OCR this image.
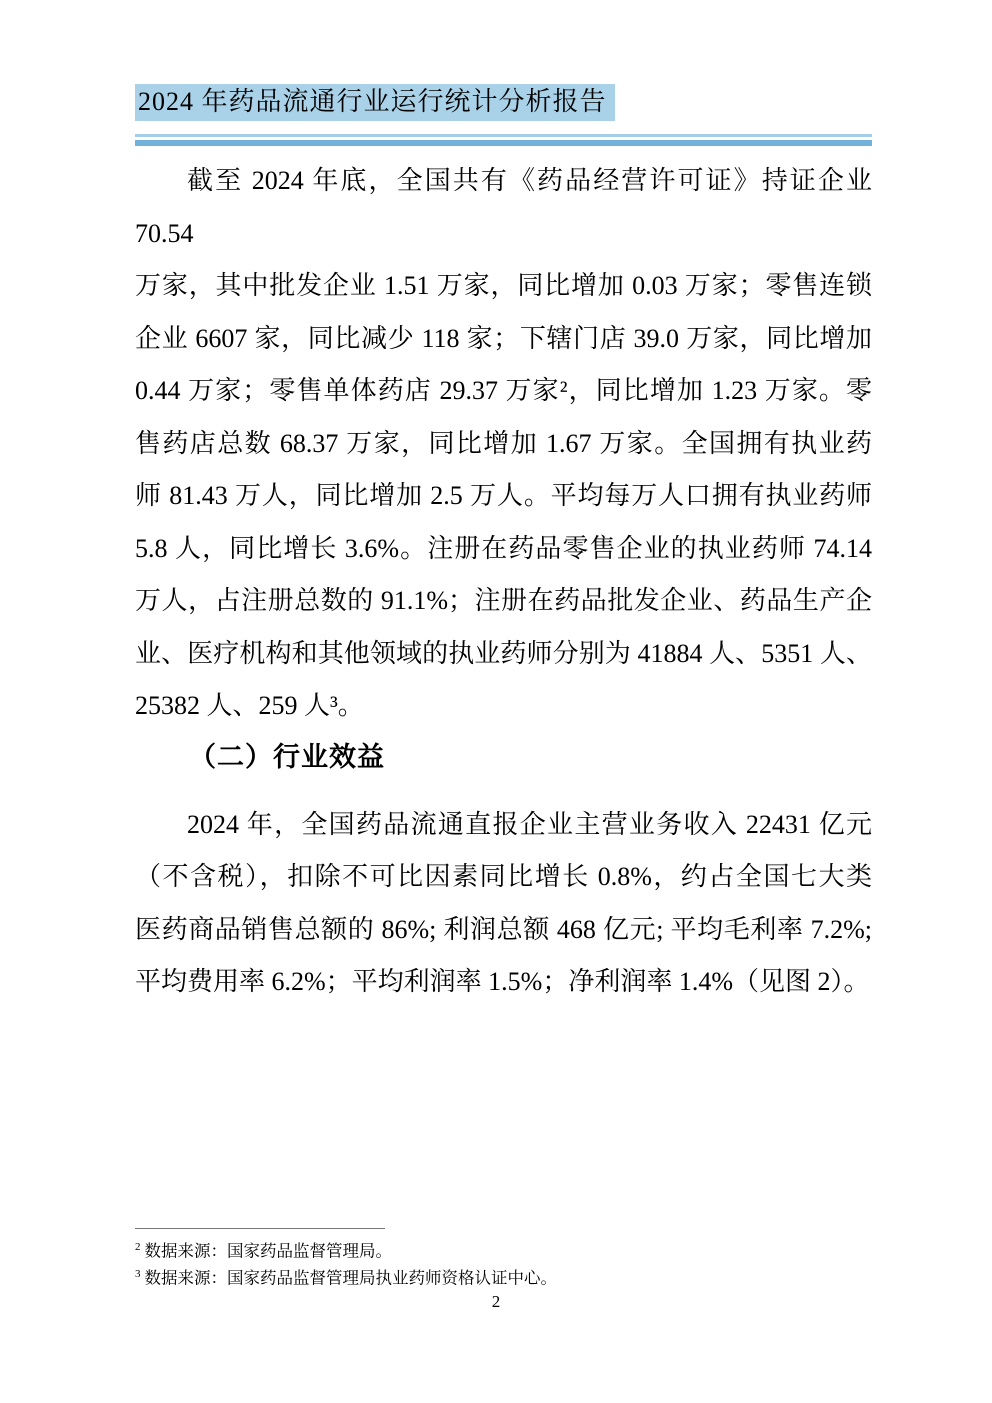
2024 年药品流通行业运行统计分析报告
截至 2024 年底，全国共有《药品经营许可证》持证企业 70.54
万家，其中批发企业 1.51 万家，同比增加 0.03 万家；零售连锁
企业 6607 家，同比减少 118 家；下辖门店 39.0 万家，同比增加
0.44 万家；零售单体药店 29.37 万家²，同比增加 1.23 万家。零
售药店总数 68.37 万家，同比增加 1.67 万家。全国拥有执业药
师 81.43 万人，同比增加 2.5 万人。平均每万人口拥有执业药师
5.8 人，同比增长 3.6%。注册在药品零售企业的执业药师 74.14
万人，占注册总数的 91.1%；注册在药品批发企业、药品生产企
业、医疗机构和其他领域的执业药师分别为 41884 人、5351 人、
25382 人、259 人³。
（二）行业效益
2024 年，全国药品流通直报企业主营业务收入 22431 亿元
（不含税），扣除不可比因素同比增长 0.8%，约占全国七大类
医药商品销售总额的 86%; 利润总额 468 亿元; 平均毛利率 7.2%;
平均费用率 6.2%；平均利润率 1.5%；净利润率 1.4%（见图 2）。
$^2$ 数据来源：国家药品监督管理局。
$^3$ 数据来源：国家药品监督管理局执业药师资格认证中心。
2
